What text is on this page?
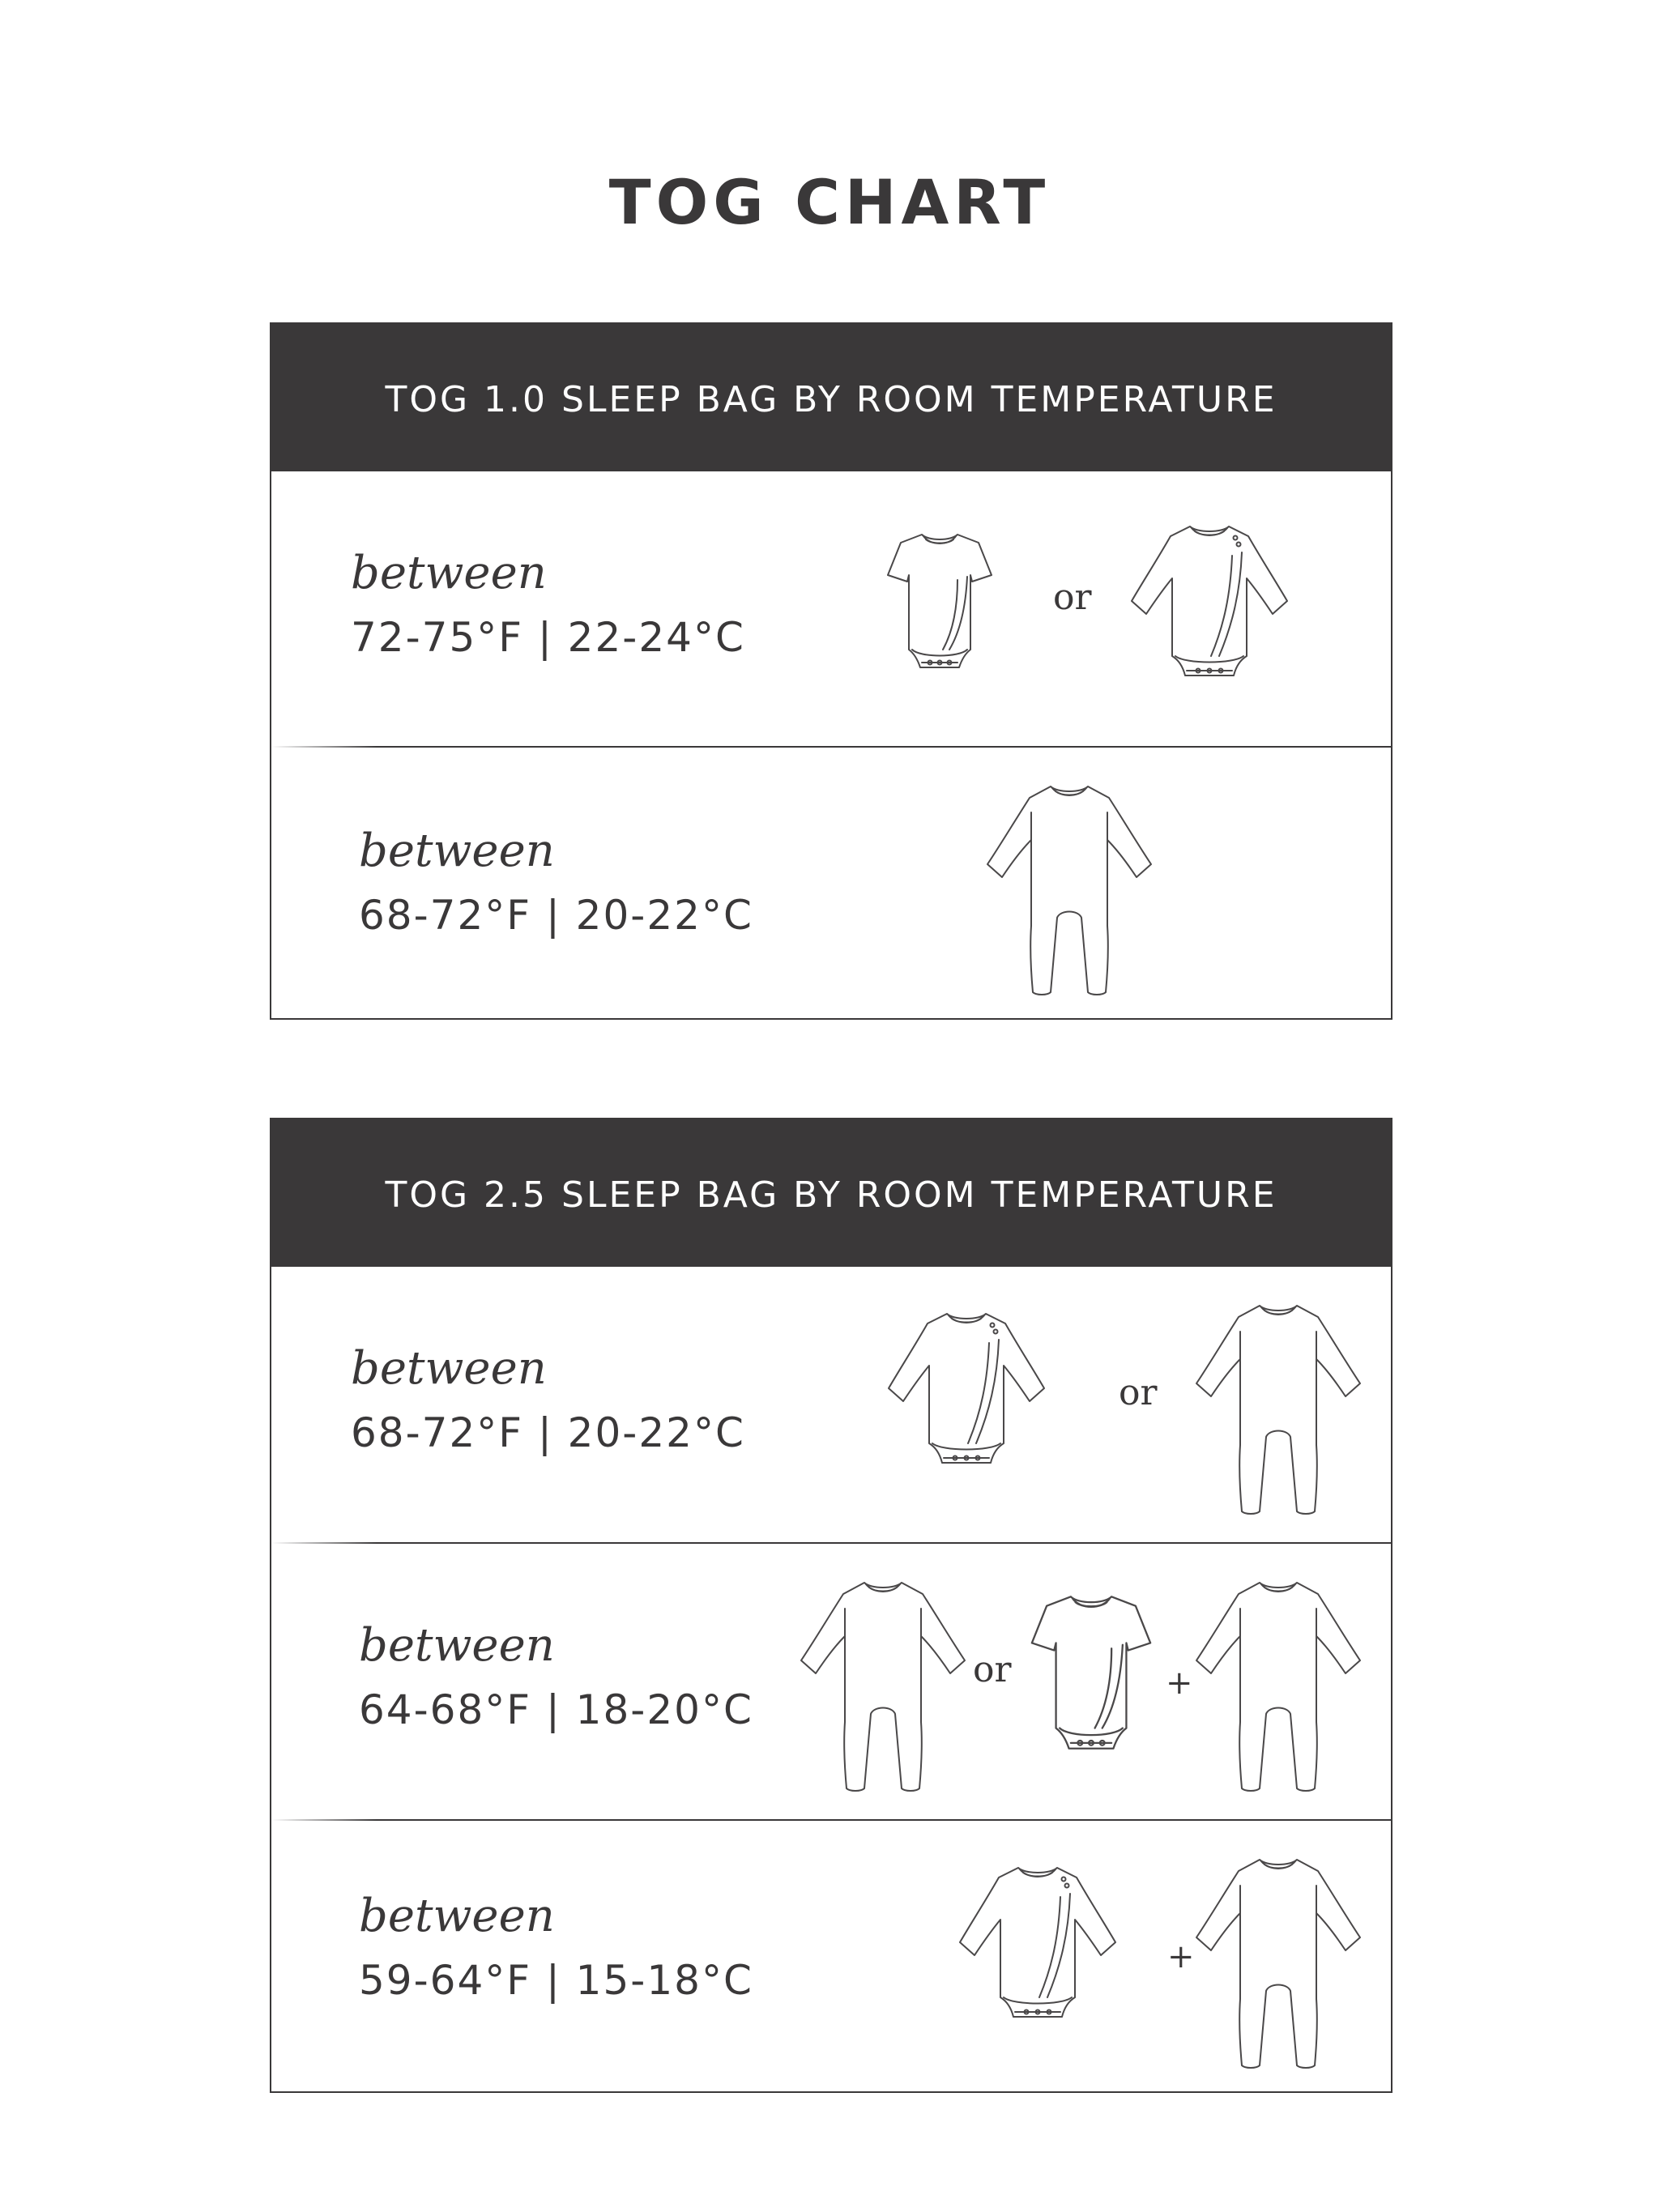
TOG CHART
TOG 1.0 SLEEP BAG BY ROOM TEMPERATURE
between
72-75°F | 22-24°C
or
between
68-72°F | 20-22°C
TOG 2.5 SLEEP BAG BY ROOM TEMPERATURE
between
68-72°F | 20-22°C
or
between
64-68°F | 18-20°C
or	+
between
59-64°F | 15-18°C	+
